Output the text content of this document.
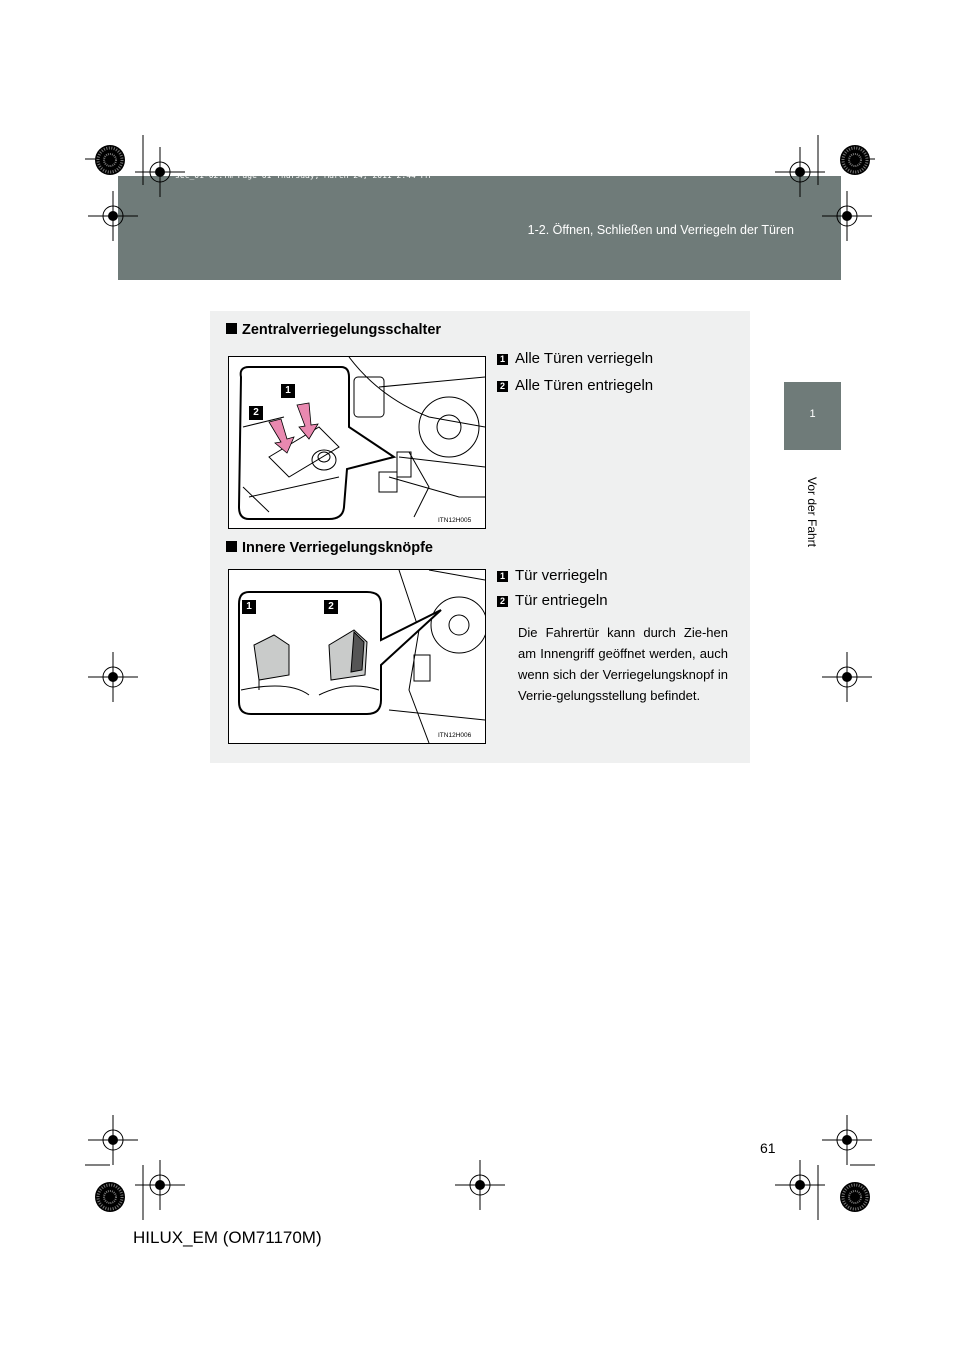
sec_01-02.fm Page 61 Thursday, March 24, 2011 2:44 PM
1-2. Öffnen, Schließen und Verriegeln der Türen
1
Vor der Fahrt
Zentralverriegelungsschalter
1 Alle Türen verriegeln
2 Alle Türen entriegeln
1
2
ITN12H005
Innere Verriegelungsknöpfe
1 Tür verriegeln
2 Tür entriegeln
Die Fahrertür kann durch Zie-hen am Innengriff geöffnet werden, auch wenn sich der Verriegelungsknopf in Verrie-gelungsstellung befindet.
1	2
ITN12H006
61
HILUX_EM (OM71170M)
